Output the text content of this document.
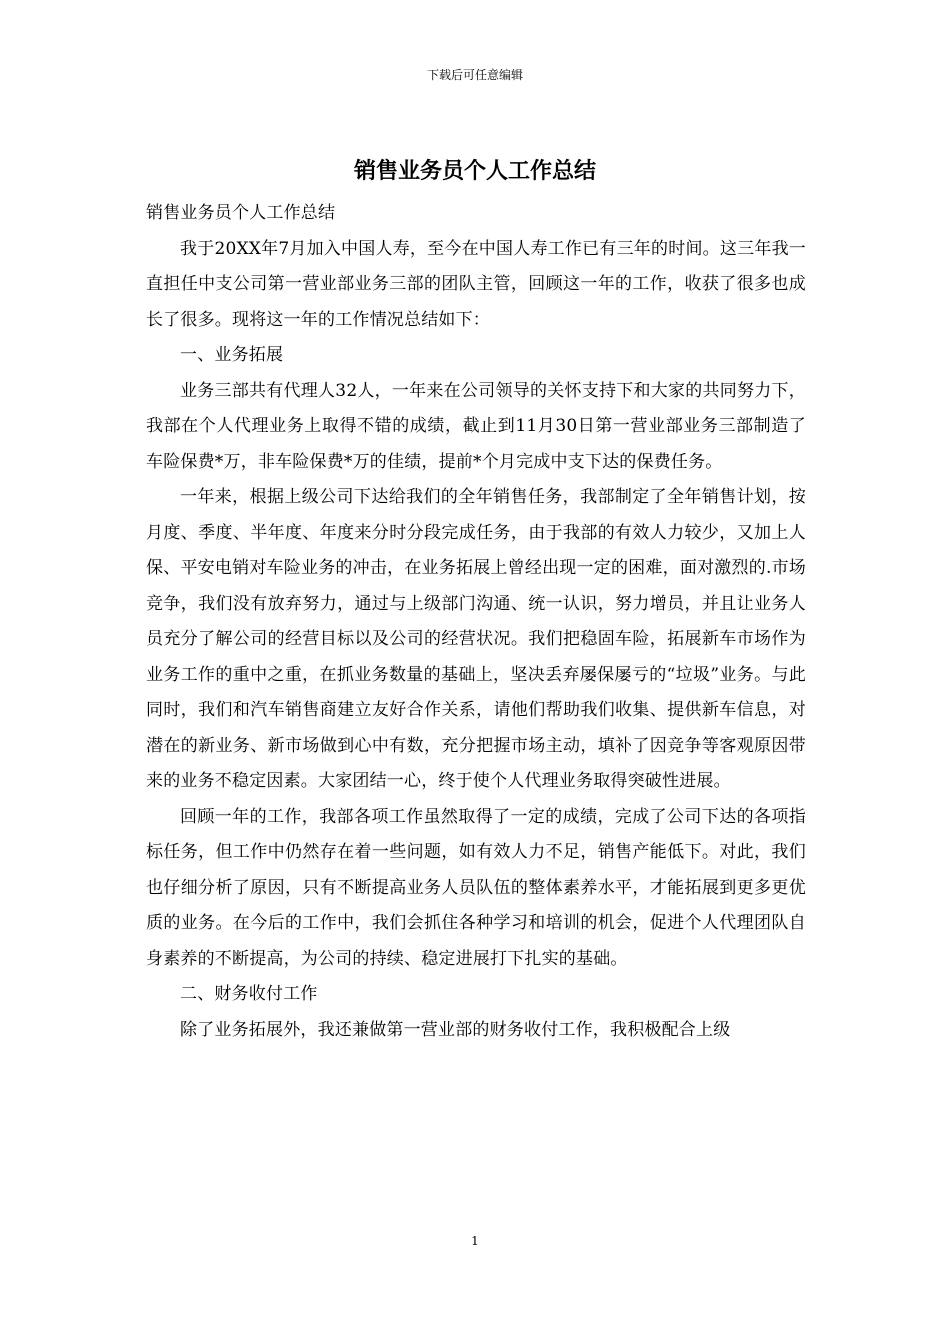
下载后可任意编辑
销售业务员个人工作总结

销售业务员个人工作总结

我于20XX年7月加入中国人寿，至今在中国人寿工作已有三年的时间。这三年我一直担任中支公司第一营业部业务三部的团队主管，回顾这一年的工作，收获了很多也成长了很多。现将这一年的工作情况总结如下：

一、业务拓展

业务三部共有代理人32人，一年来在公司领导的关怀支持下和大家的共同努力下，我部在个人代理业务上取得不错的成绩，截止到11月30日第一营业部业务三部制造了车险保费*万，非车险保费*万的佳绩，提前*个月完成中支下达的保费任务。

一年来，根据上级公司下达给我们的全年销售任务，我部制定了全年销售计划，按月度、季度、半年度、年度来分时分段完成任务，由于我部的有效人力较少，又加上人保、平安电销对车险业务的冲击，在业务拓展上曾经出现一定的困难，面对激烈的.市场竞争，我们没有放弃努力，通过与上级部门沟通、统一认识，努力增员，并且让业务人员充分了解公司的经营目标以及公司的经营状况。我们把稳固车险，拓展新车市场作为业务工作的重中之重，在抓业务数量的基础上，坚决丢弃屡保屡亏的“垃圾”业务。与此同时，我们和汽车销售商建立友好合作关系，请他们帮助我们收集、提供新车信息，对潜在的新业务、新市场做到心中有数，充分把握市场主动，填补了因竞争等客观原因带来的业务不稳定因素。大家团结一心，终于使个人代理业务取得突破性进展。

回顾一年的工作，我部各项工作虽然取得了一定的成绩，完成了公司下达的各项指标任务，但工作中仍然存在着一些问题，如有效人力不足，销售产能低下。对此，我们也仔细分析了原因，只有不断提高业务人员队伍的整体素养水平，才能拓展到更多更优质的业务。在今后的工作中，我们会抓住各种学习和培训的机会，促进个人代理团队自身素养的不断提高，为公司的持续、稳定进展打下扎实的基础。

二、财务收付工作

除了业务拓展外，我还兼做第一营业部的财务收付工作，我积极配合上级

1
